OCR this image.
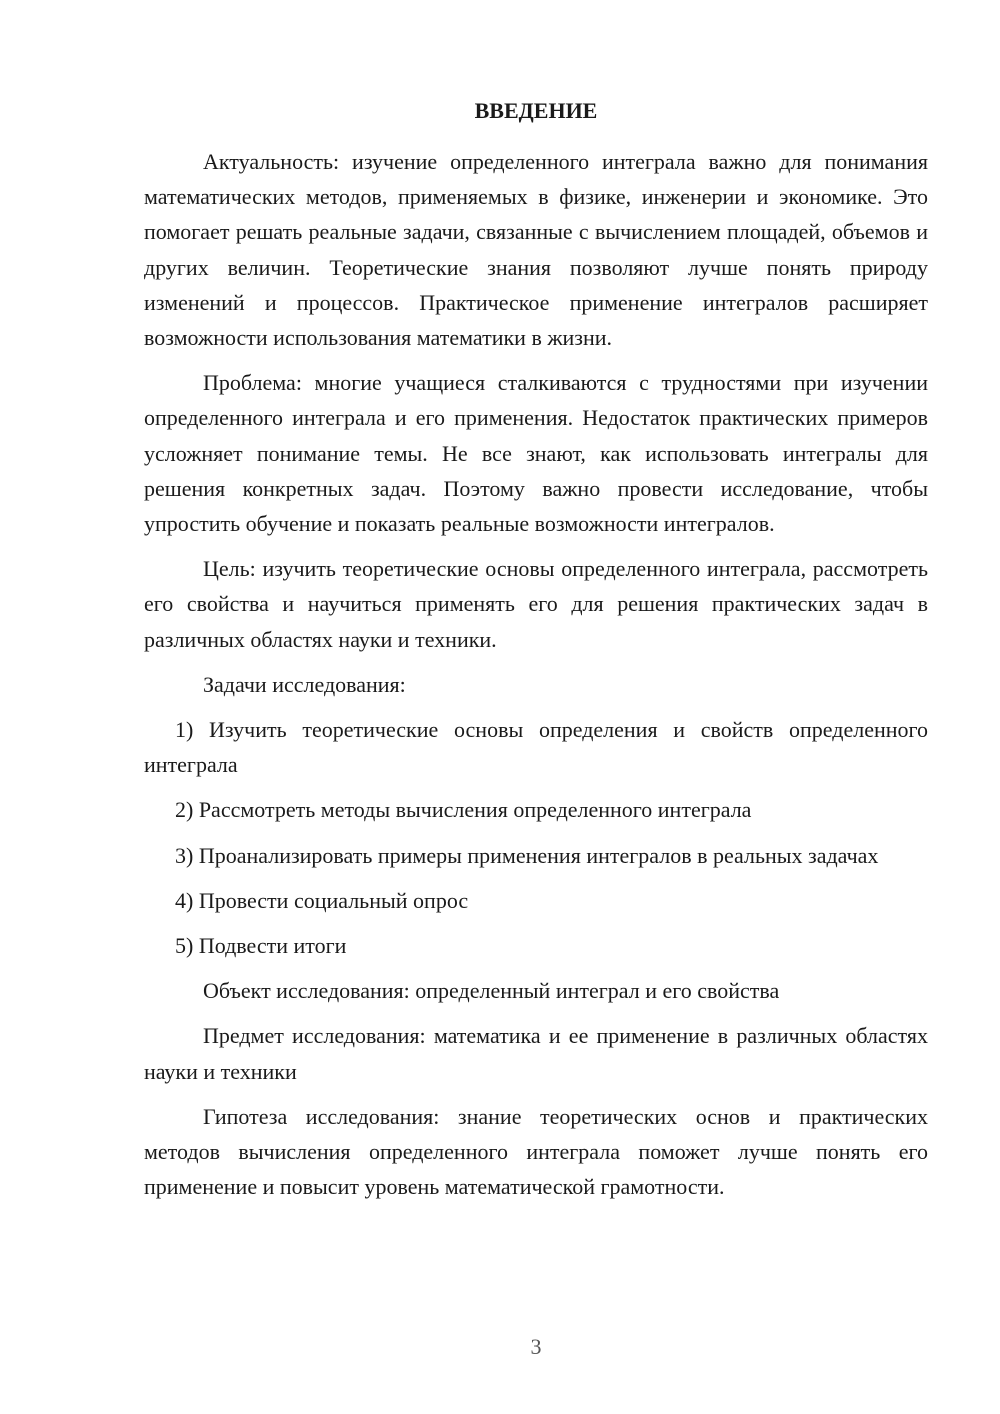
ВВЕДЕНИЕ

Актуальность: изучение определенного интеграла важно для понимания математических методов, применяемых в физике, инженерии и экономике. Это помогает решать реальные задачи, связанные с вычислением площадей, объемов и других величин. Теоретические знания позволяют лучше понять природу изменений и процессов. Практическое применение интегралов расширяет возможности использования математики в жизни.

Проблема: многие учащиеся сталкиваются с трудностями при изучении определенного интеграла и его применения. Недостаток практических примеров усложняет понимание темы. Не все знают, как использовать интегралы для решения конкретных задач. Поэтому важно провести исследование, чтобы упростить обучение и показать реальные возможности интегралов.

Цель: изучить теоретические основы определенного интеграла, рассмотреть его свойства и научиться применять его для решения практических задач в различных областях науки и техники.

Задачи исследования:

1) Изучить теоретические основы определения и свойств определенного интеграла

2) Рассмотреть методы вычисления определенного интеграла

3) Проанализировать примеры применения интегралов в реальных задачах

4) Провести социальный опрос

5) Подвести итоги

Объект исследования: определенный интеграл и его свойства

Предмет исследования: математика и ее применение в различных областях науки и техники

Гипотеза исследования: знание теоретических основ и практических методов вычисления определенного интеграла поможет лучше понять его применение и повысит уровень математической грамотности.

3
